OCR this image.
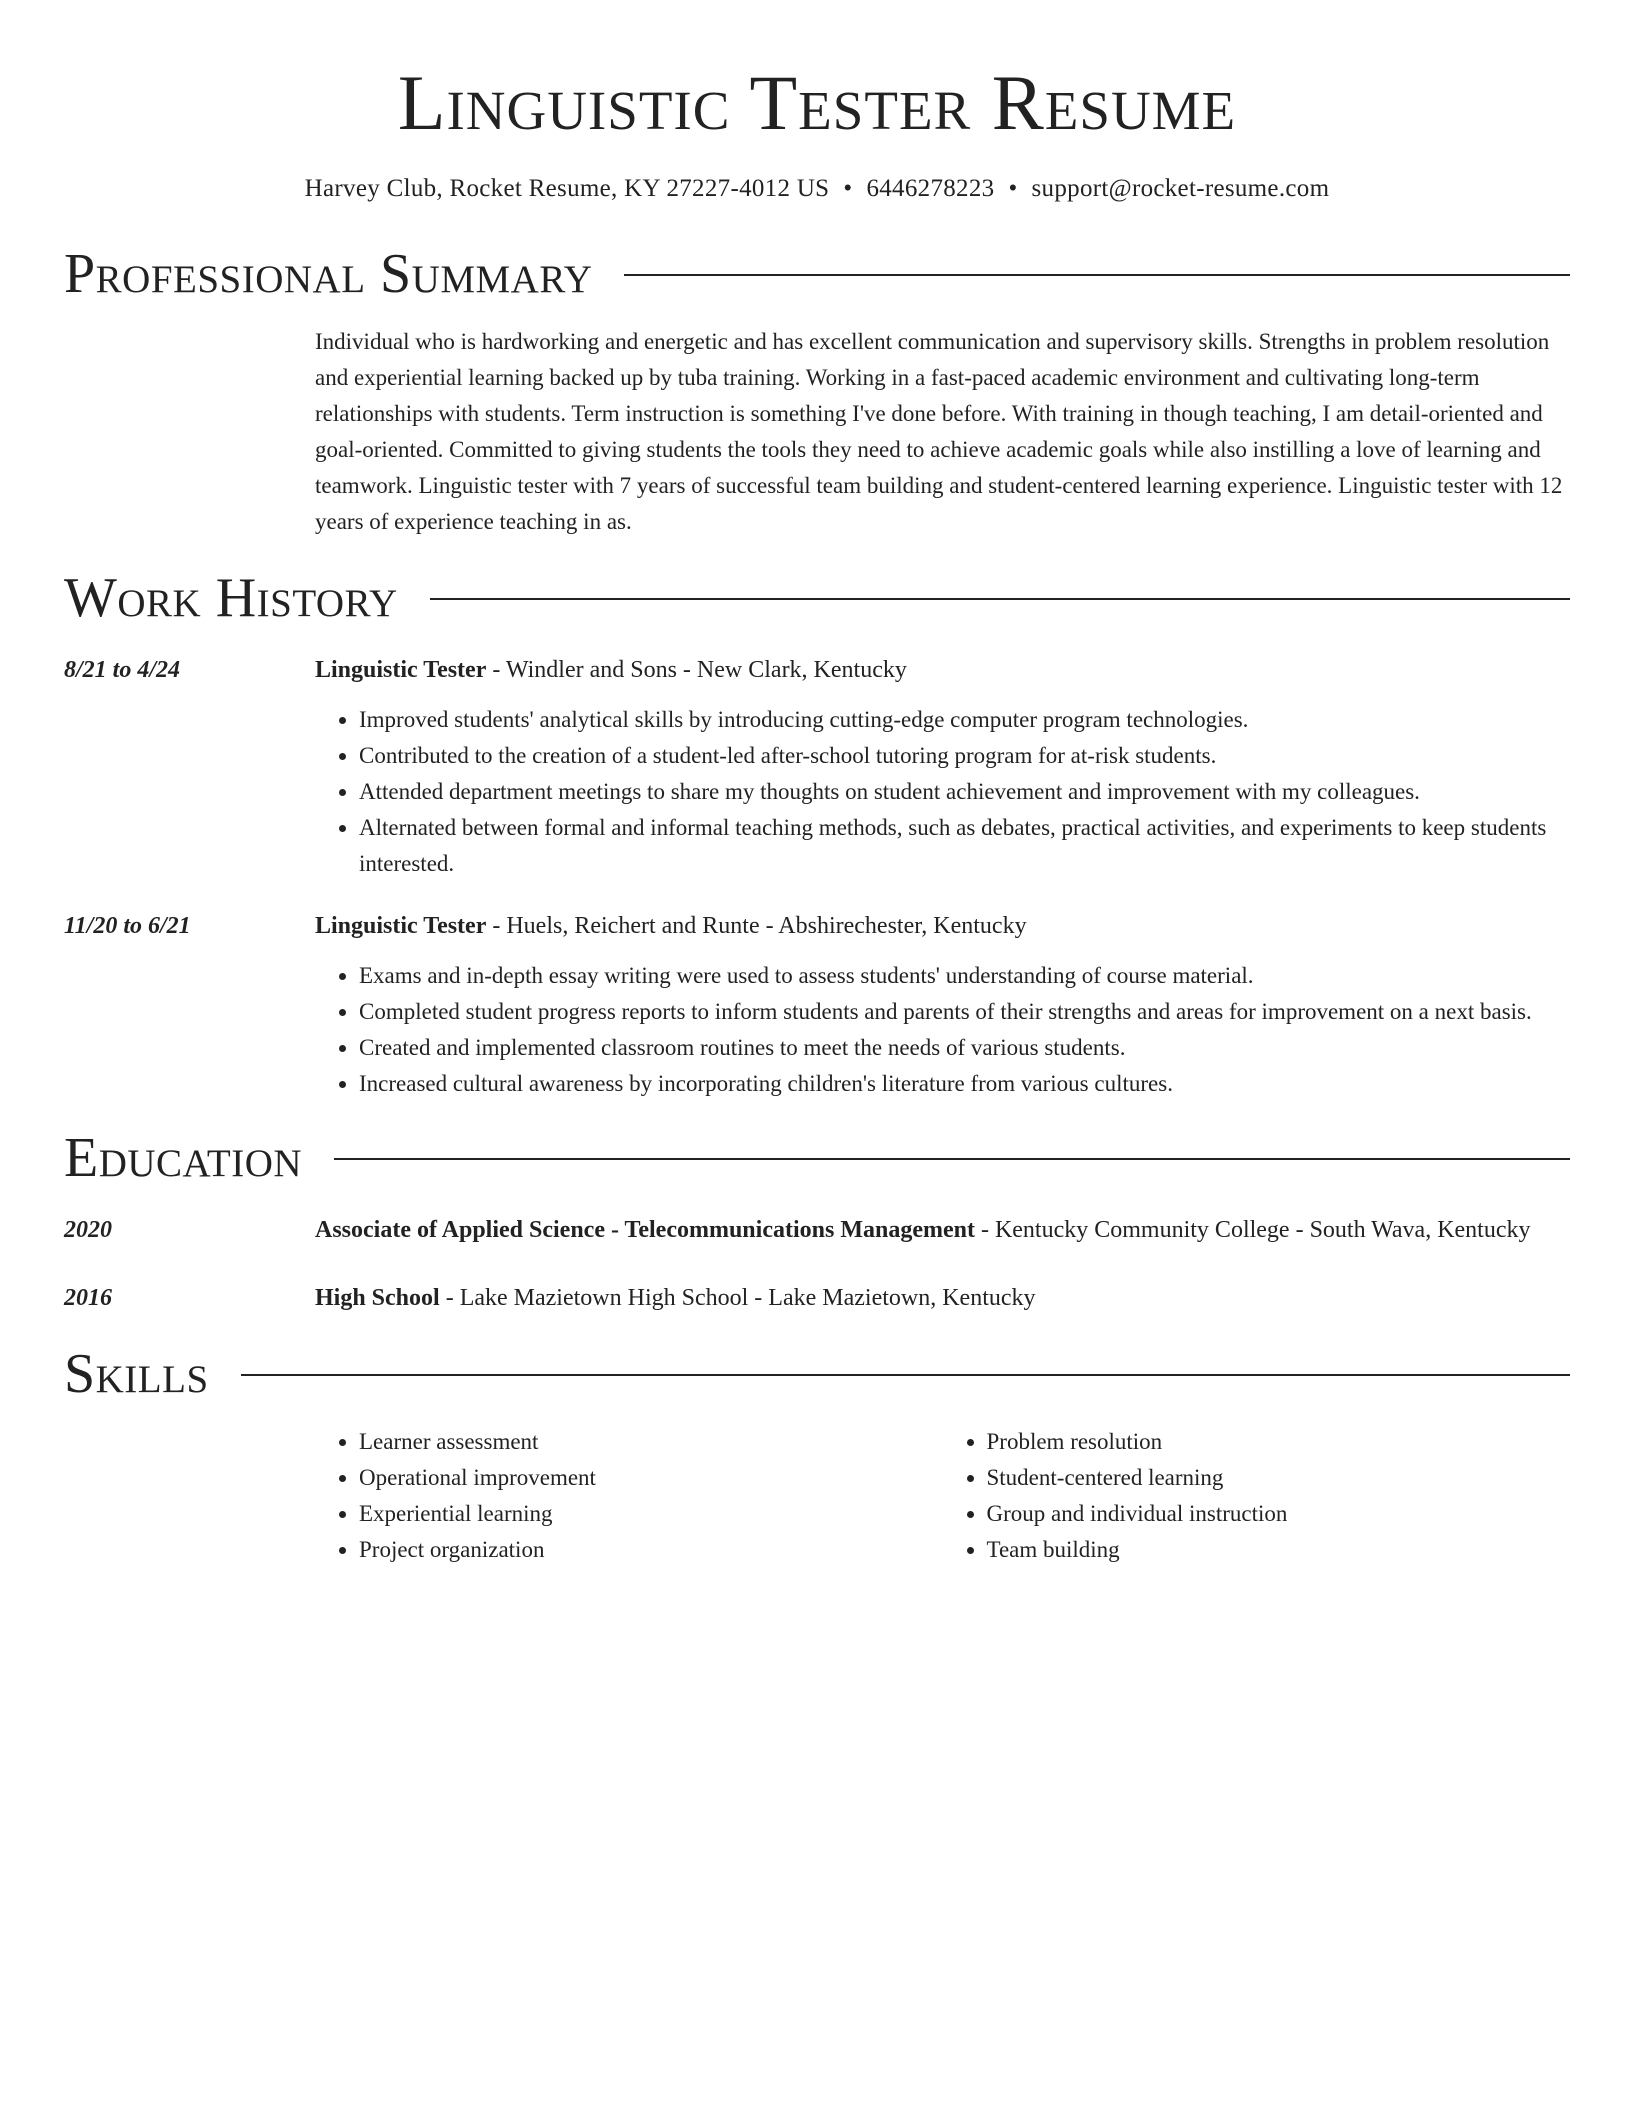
Linguistic Tester Resume
Harvey Club, Rocket Resume, KY 27227-4012 US • 6446278223 • support@rocket-resume.com
Professional Summary

Individual who is hardworking and energetic and has excellent communication and supervisory skills. Strengths in problem resolution and experiential learning backed up by tuba training. Working in a fast-paced academic environment and cultivating long-term relationships with students. Term instruction is something I've done before. With training in though teaching, I am detail-oriented and goal-oriented. Committed to giving students the tools they need to achieve academic goals while also instilling a love of learning and teamwork. Linguistic tester with 7 years of successful team building and student-centered learning experience. Linguistic tester with 12 years of experience teaching in as.

Work History
8/21 to 4/24	Linguistic Tester - Windler and Sons - New Clark, Kentucky
• Improved students' analytical skills by introducing cutting-edge computer program technologies.
• Contributed to the creation of a student-led after-school tutoring program for at-risk students.
• Attended department meetings to share my thoughts on student achievement and improvement with my colleagues.
• Alternated between formal and informal teaching methods, such as debates, practical activities, and experiments to keep students interested.
11/20 to 6/21	Linguistic Tester - Huels, Reichert and Runte - Abshirechester, Kentucky
• Exams and in-depth essay writing were used to assess students' understanding of course material.
• Completed student progress reports to inform students and parents of their strengths and areas for improvement on a next basis.
• Created and implemented classroom routines to meet the needs of various students.
• Increased cultural awareness by incorporating children's literature from various cultures.
Education
2020	Associate of Applied Science - Telecommunications Management - Kentucky Community College - South Wava, Kentucky
2016	High School - Lake Mazietown High School - Lake Mazietown, Kentucky
Skills
• Learner assessment
• Operational improvement
• Experiential learning
• Project organization
• Problem resolution
• Student-centered learning
• Group and individual instruction
• Team building
